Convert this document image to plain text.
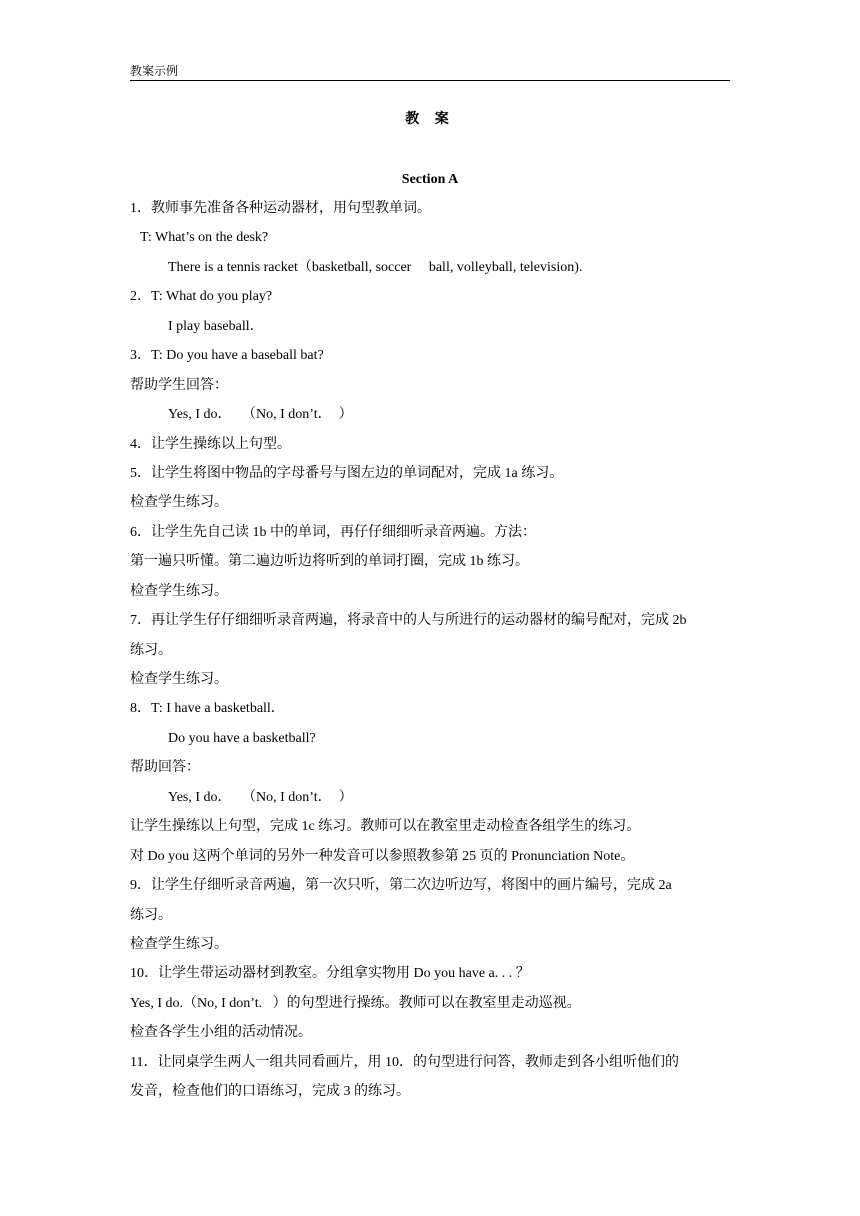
教案示例
教 案
Section A
1．教师事先准备各种运动器材，用句型教单词。
T: What’s on the desk?
There is a tennis racket（basketball, soccer     ball, volleyball, television).
2．T: What do you play?
I play baseball．
3．T: Do you have a baseball bat?
帮助学生回答：
Yes, I do．   （No, I don’t．  ）
4．让学生操练以上句型。
5．让学生将图中物品的字母番号与图左边的单词配对，完成 1a 练习。
检查学生练习。
6．让学生先自己读 1b 中的单词，再仔仔细细听录音两遍。方法：
第一遍只听懂。第二遍边听边将听到的单词打圈，完成 1b 练习。
检查学生练习。
7．再让学生仔仔细细听录音两遍，将录音中的人与所进行的运动器材的编号配对，完成 2b
练习。
检查学生练习。
8．T: I have a basketball．
Do you have a basketball?
帮助回答：
Yes, I do．   （No, I don’t．  ）
让学生操练以上句型，完成 1c 练习。教师可以在教室里走动检查各组学生的练习。
对 Do you 这两个单词的另外一种发音可以参照教参第 25 页的 Pronunciation Note。
9．让学生仔细听录音两遍，第一次只听，第二次边听边写，将图中的画片编号，完成 2a
练习。
检查学生练习。
10．让学生带运动器材到教室。分组拿实物用 Do you have a. . . ？
Yes, I do.（No, I don’t.   ）的句型进行操练。教师可以在教室里走动巡视。
检查各学生小组的活动情况。
11．让同桌学生两人一组共同看画片，用 10．的句型进行问答，教师走到各小组听他们的
发音，检查他们的口语练习，完成 3 的练习。
